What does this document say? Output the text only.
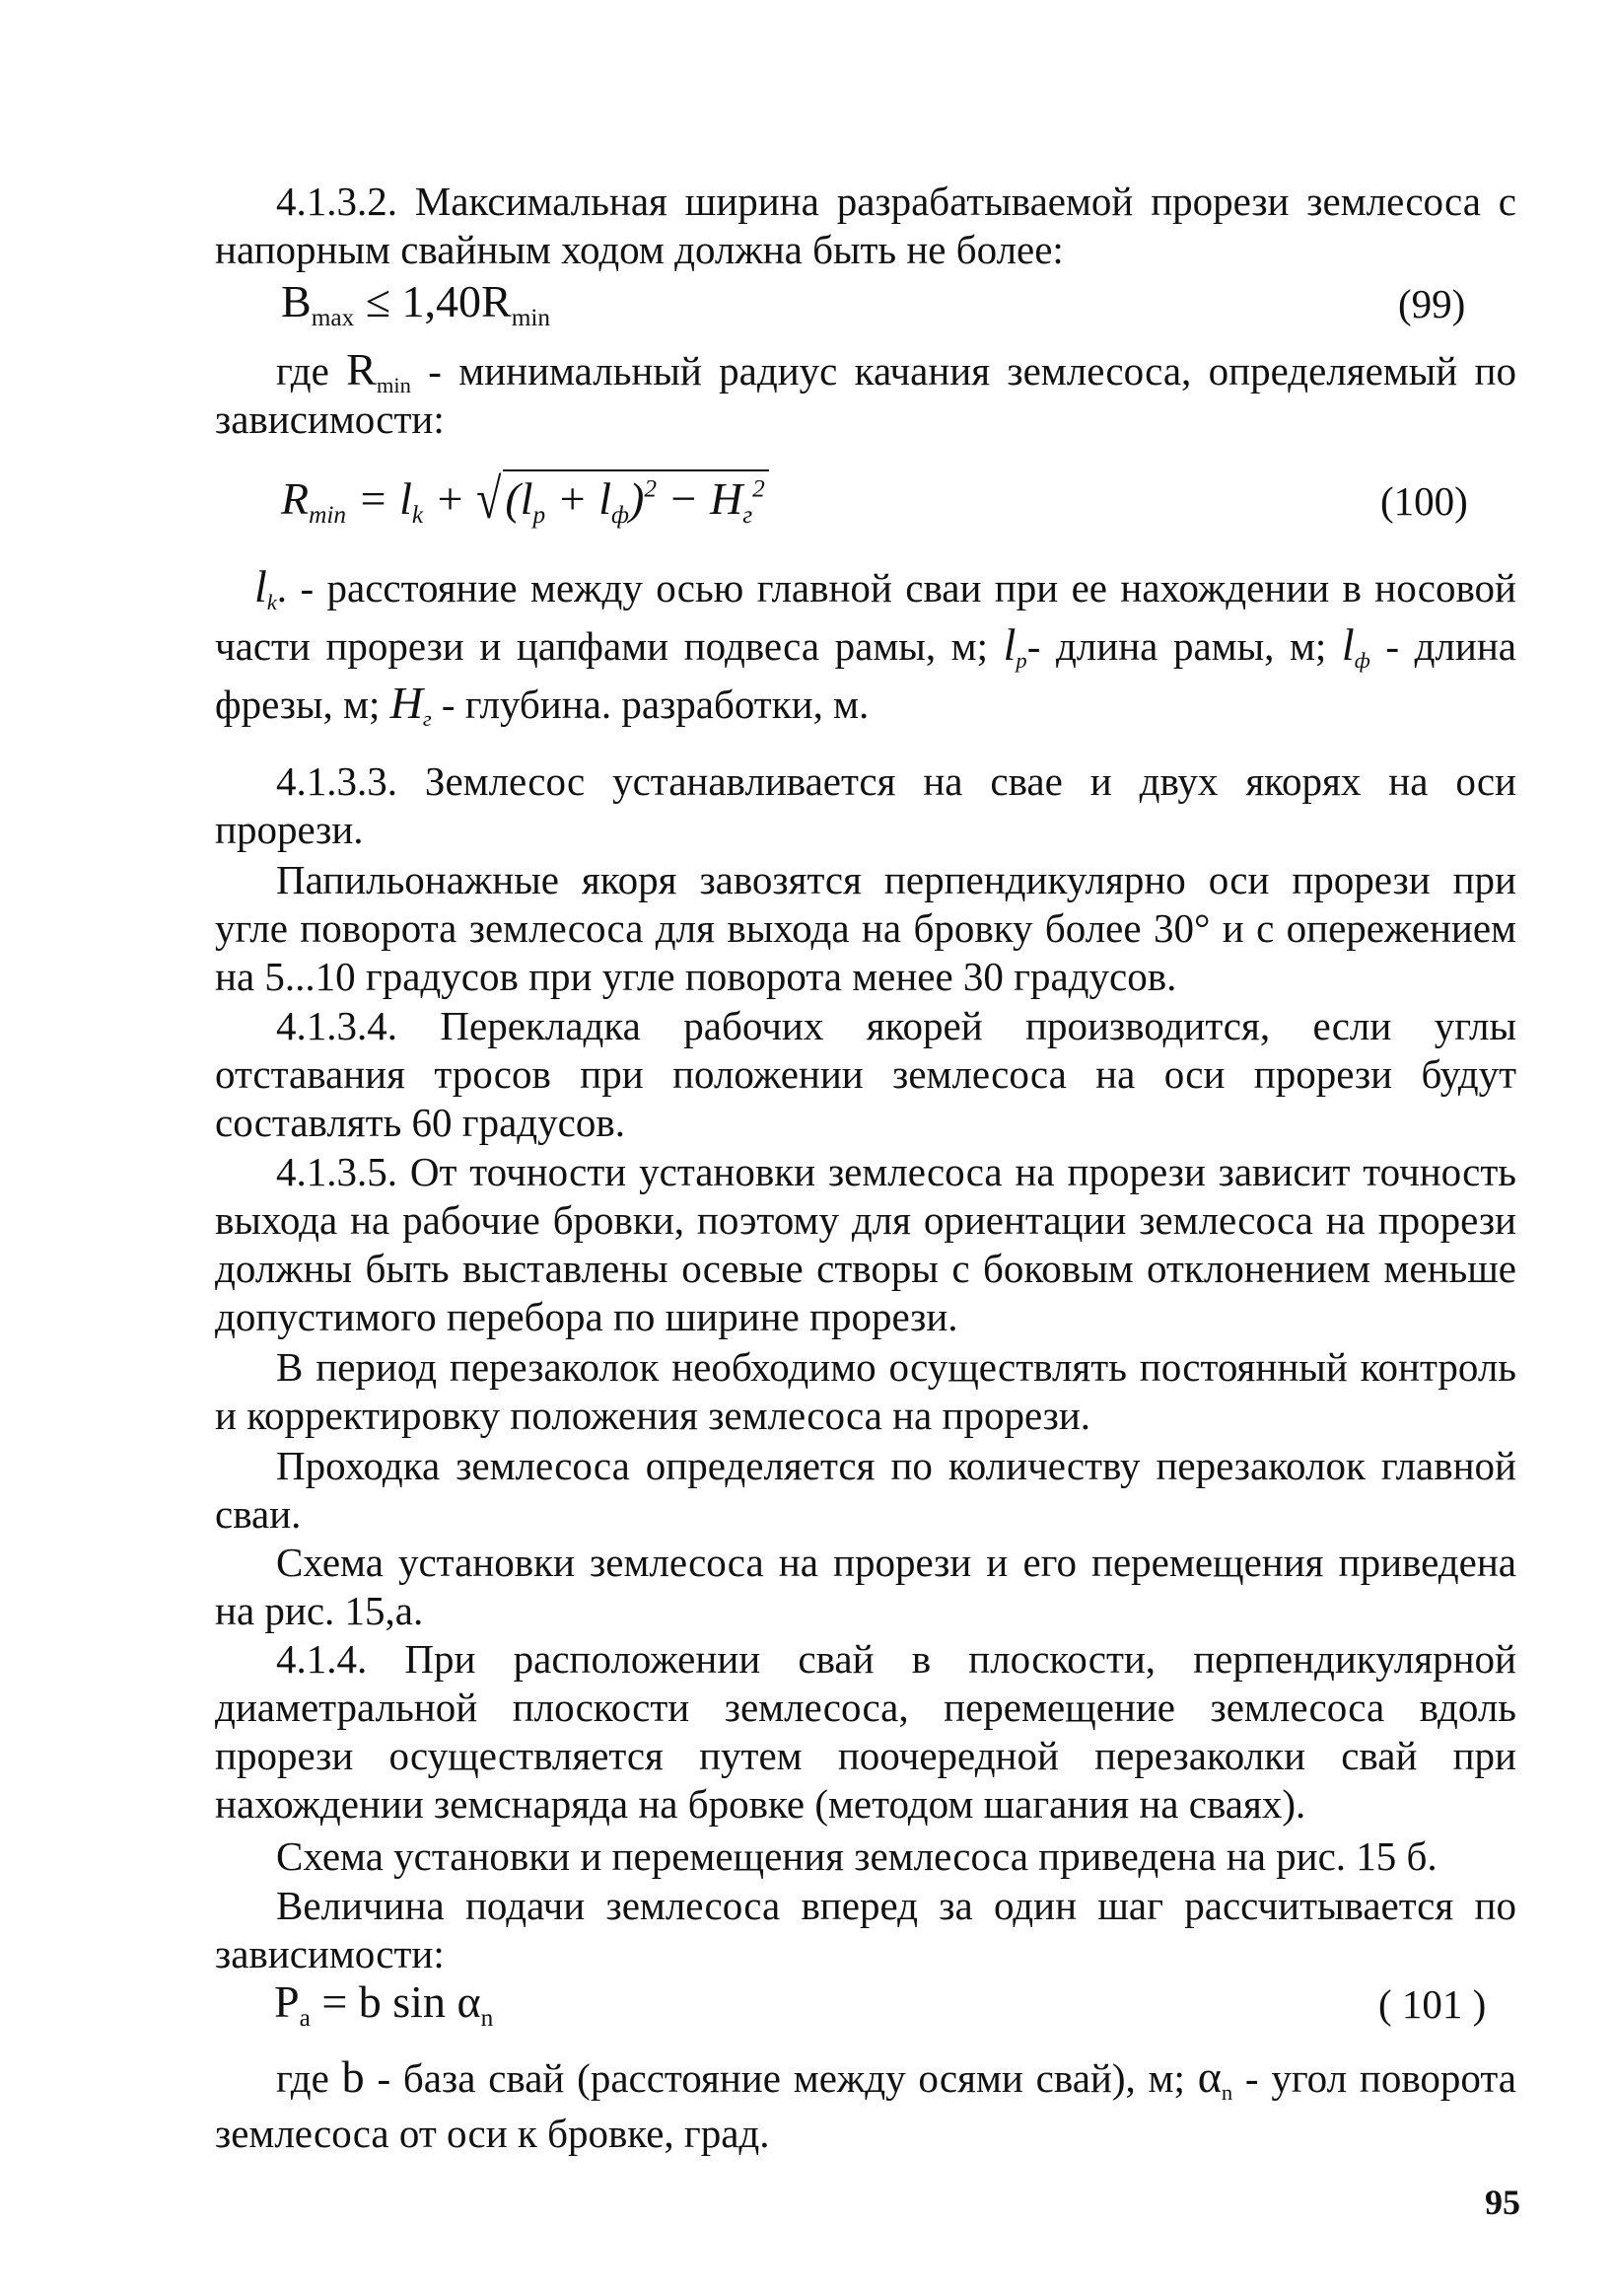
4.1.3.2. Максимальная ширина разрабатываемой прорези землесоса с напорным свайным ходом должна быть не более:

$B_{max} \le 1,40R_{min}$	(99)

где $R_{min}$ - минимальный радиус качания землесоса, определяемый по зависимости:

$R_{min} = l_k + √(l_p + l_ф)^2 - H_г^2$	(100)

$l_k$. - расстояние между осью главной сваи при ее нахождении в носовой части прорези и цапфами подвеса рамы, м; $l_р-$ длина рамы, м; $l_ф$ - длина фрезы, м; $H_г$ - глубина. разработки, м.

4.1.3.3. Землесос устанавливается на свае и двух якорях на оси прорези.

Папильонажные якоря завозятся перпендикулярно оси прорези при угле поворота землесоса для выхода на бровку более 30° и с опережением на 5...10 градусов при угле поворота менее 30 градусов.

4.1.3.4. Перекладка рабочих якорей производится, если углы отставания тросов при положении землесоса на оси прорези будут составлять 60 градусов.

4.1.3.5. От точности установки землесоса на прорези зависит точность выхода на рабочие бровки, поэтому для ориентации землесоса на прорези должны быть выставлены осевые створы с боковым отклонением меньше допустимого перебора по ширине прорези.

В период перезаколок необходимо осуществлять постоянный контроль и корректировку положения землесоса на прорези.

Проходка землесоса определяется по количеству перезаколок главной сваи.

Схема установки землесоса на прорези и его перемещения приведена на рис. 15,а.

4.1.4. При расположении свай в плоскости, перпендикулярной диаметральной плоскости землесоса, перемещение землесоса вдоль прорези осуществляется путем поочередной перезаколки свай при нахождении земснаряда на бровке (методом шагания на сваях).

Схема установки и перемещения землесоса приведена на рис. 15 б.

Величина подачи землесоса вперед за один шаг рассчитывается по зависимости:

$P_a = b$ $\sin \alpha_n$	( 101 )

где b - база свай (расстояние между осями свай), м; $\alpha_n$ - угол поворота землесоса от оси к бровке, град.

95
